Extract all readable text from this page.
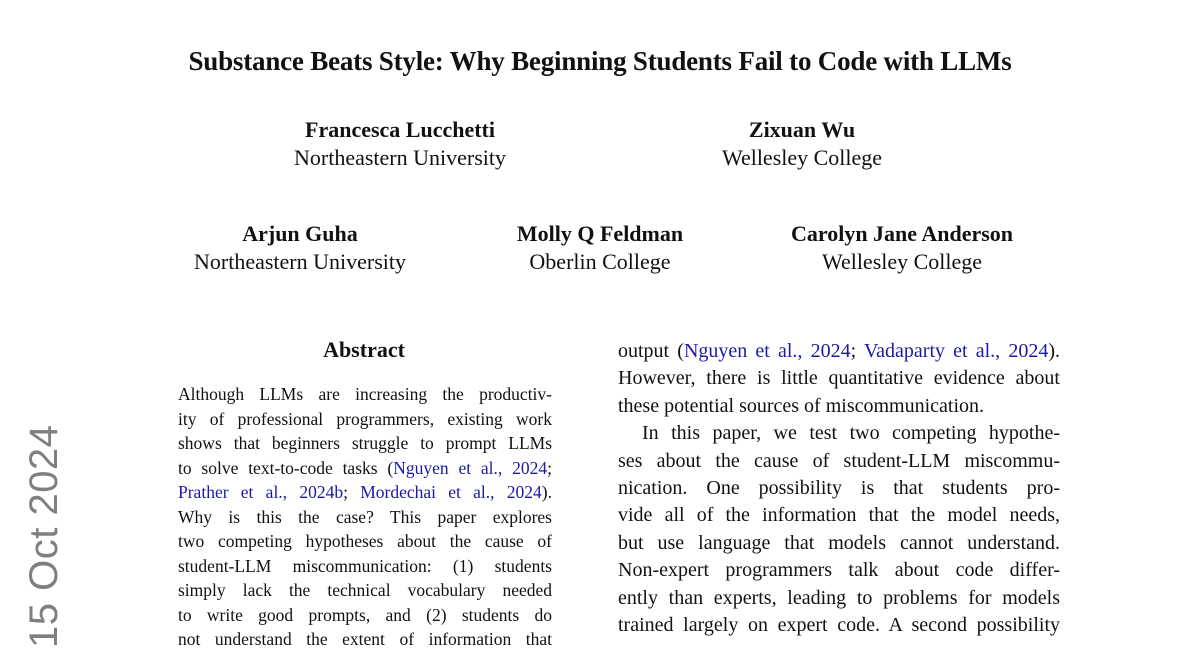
Substance Beats Style: Why Beginning Students Fail to Code with LLMs
Francesca Lucchetti
Northeastern University
Zixuan Wu
Wellesley College
Arjun Guha
Northeastern University
Molly Q Feldman
Oberlin College
Carolyn Jane Anderson
Wellesley College
Abstract
Although LLMs are increasing the productiv-
ity of professional programmers, existing work
shows that beginners struggle to prompt LLMs
to solve text-to-code tasks (Nguyen et al., 2024;
Prather et al., 2024b; Mordechai et al., 2024).
Why is this the case? This paper explores
two competing hypotheses about the cause of
student-LLM miscommunication: (1) students
simply lack the technical vocabulary needed
to write good prompts, and (2) students do
not understand the extent of information that
output (Nguyen et al., 2024; Vadaparty et al., 2024).
However, there is little quantitative evidence about
these potential sources of miscommunication.
In this paper, we test two competing hypothe-
ses about the cause of student-LLM miscommu-
nication. One possibility is that students pro-
vide all of the information that the model needs,
but use language that models cannot understand.
Non-expert programmers talk about code differ-
ently than experts, leading to problems for models
trained largely on expert code. A second possibility
15 Oct 2024
